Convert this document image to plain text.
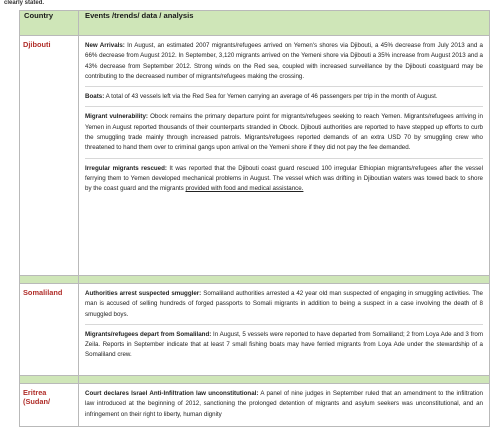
clearly stated.
Country	Events /trends/ data / analysis
Djibouti	New Arrivals: In August, an estimated 2007 migrants/refugees arrived on Yemen's shores via Djibouti, a 45% decrease from July 2013 and a 66% decrease from August 2012. In September, 3,120 migrants arrived on the Yemeni shore via Djibouti a 35% increase from August 2013 and a 43% decrease from September 2012. Strong winds on the Red sea, coupled with increased surveillance by the Djibouti coastguard may be contributing to the decreased number of migrants/refugees making the crossing.
Boats: A total of 43 vessels left via the Red Sea for Yemen carrying an average of 46 passengers per trip in the month of August.
Migrant vulnerability: Obock remains the primary departure point for migrants/refugees seeking to reach Yemen. Migrants/refugees arriving in Yemen in August reported thousands of their counterparts stranded in Obock. Djibouti authorities are reported to have stepped up efforts to curb the smuggling trade mainly through increased patrols. Migrants/refugees reported demands of an extra USD 70 by smuggling crew who threatened to hand them over to criminal gangs upon arrival on the Yemeni shore if they did not pay the fee demanded.
Irregular migrants rescued: It was reported that the Djibouti coast guard rescued 100 irregular Ethiopian migrants/refugees after the vessel ferrying them to Yemen developed mechanical problems in August. The vessel which was drifting in Djiboutian waters was towed back to shore by the coast guard and the migrants provided with food and medical assistance.

Somaliland	Authorities arrest suspected smuggler: Somaliland authorities arrested a 42 year old man suspected of engaging in smuggling activities. The man is accused of selling hundreds of forged passports to Somali migrants in addition to being a suspect in a case involving the death of 8 smuggled boys.
Migrants/refugees depart from Somaliland: In August, 5 vessels were reported to have departed from Somaliland; 2 from Loya Ade and 3 from Zeila. Reports in September indicate that at least 7 small fishing boats may have ferried migrants from Loya Ade under the stewardship of a Somaliland crew.

Eritrea (Sudan/	Court declares Israel Anti-Infiltration law unconstitutional: A panel of nine judges in September ruled that an amendment to the infiltration law introduced at the beginning of 2012, sanctioning the prolonged detention of migrants and asylum seekers was unconstitutional, and an infringement on their right to liberty, human dignity
